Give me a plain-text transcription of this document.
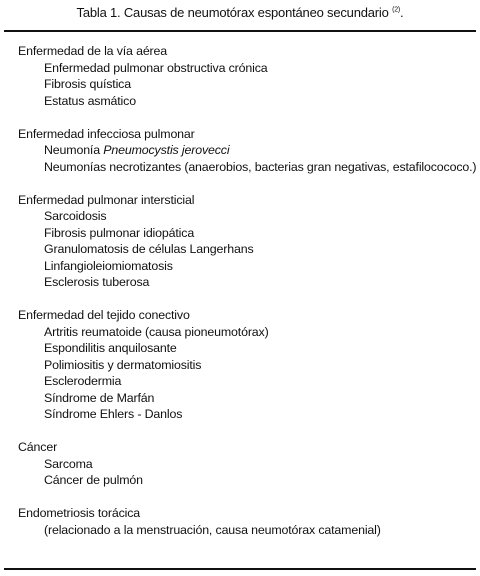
Tabla 1. Causas de neumotórax espontáneo secundario $^{(2)}$.
Enfermedad de la vía aérea
Enfermedad pulmonar obstructiva crónica
Fibrosis quística
Estatus asmático
Enfermedad infecciosa pulmonar
Neumonía Pneumocystis jerovecci
Neumonías necrotizantes (anaerobios, bacterias gran negativas, estafilocococo.)
Enfermedad pulmonar intersticial
Sarcoidosis
Fibrosis pulmonar idiopática
Granulomatosis de células Langerhans
Linfangioleiomiomatosis
Esclerosis tuberosa
Enfermedad del tejido conectivo
Artritis reumatoide (causa pioneumotórax)
Espondilitis anquilosante
Polimiositis y dermatomiositis
Esclerodermia
Síndrome de Marfán
Síndrome Ehlers - Danlos
Cáncer
Sarcoma
Cáncer de pulmón
Endometriosis torácica
(relacionado a la menstruación, causa neumotórax catamenial)
